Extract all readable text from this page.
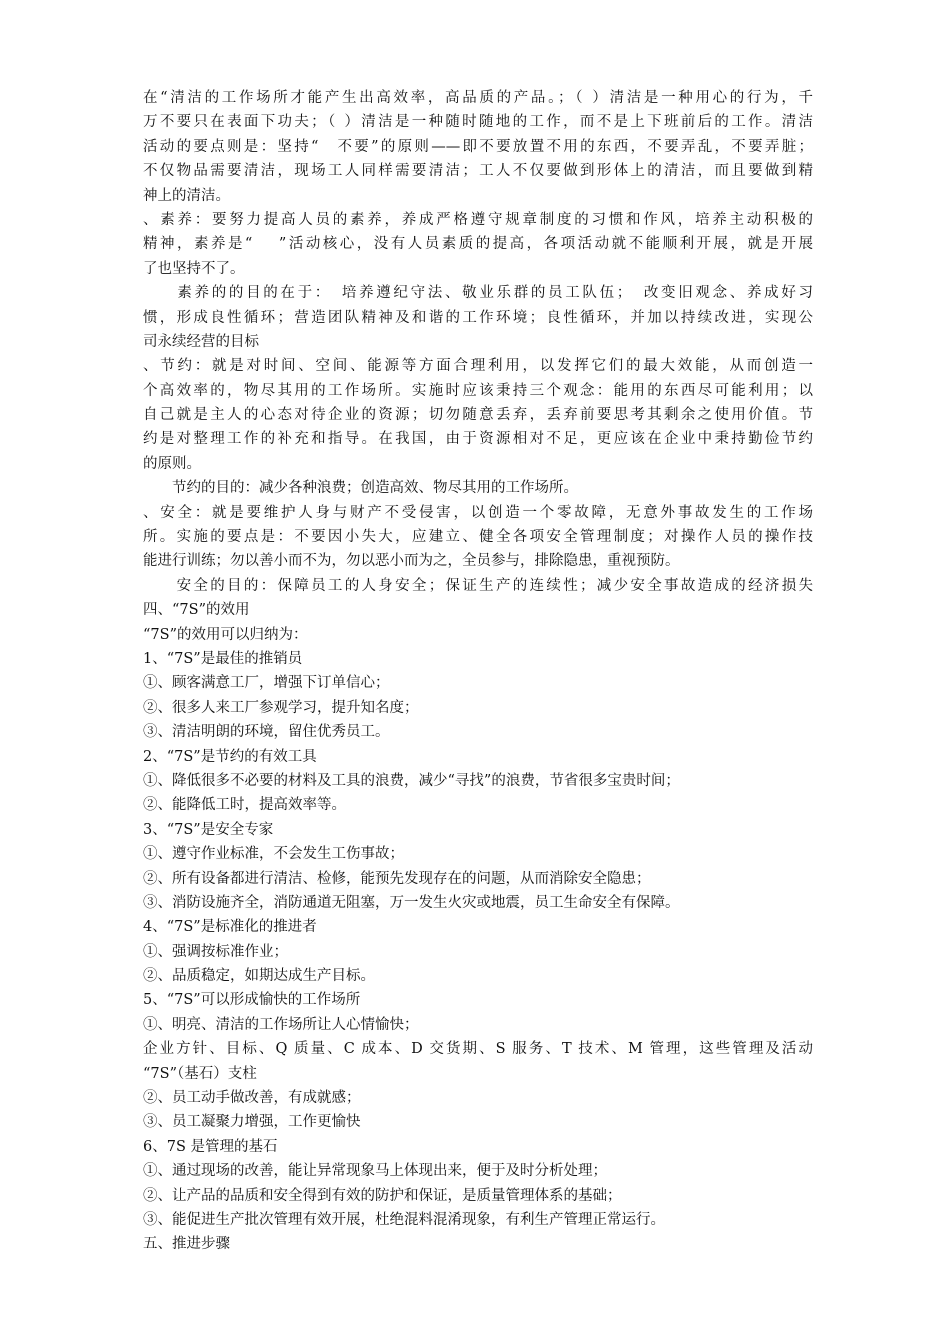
在“清洁的工作场所才能产生出高效率，高品质的产品。；（ ）清洁是一种用心的行为，千

万不要只在表面下功夫；（ ）清洁是一种随时随地的工作，而不是上下班前后的工作。清洁

活动的要点则是：坚持“　不要”的原则——即不要放置不用的东西，不要弄乱，不要弄脏；

不仅物品需要清洁，现场工人同样需要清洁；工人不仅要做到形体上的清洁，而且要做到精

神上的清洁。

、素养：要努力提高人员的素养，养成严格遵守规章制度的习惯和作风，培养主动积极的

精神，素养是“　 ”活动核心，没有人员素质的提高，各项活动就不能顺利开展，就是开展

了也坚持不了。

　　素养的的目的在于：　培养遵纪守法、敬业乐群的员工队伍；　改变旧观念、养成好习

惯，形成良性循环；营造团队精神及和谐的工作环境；良性循环，并加以持续改进，实现公

司永续经营的目标

、节约：就是对时间、空间、能源等方面合理利用，以发挥它们的最大效能，从而创造一

个高效率的，物尽其用的工作场所。实施时应该秉持三个观念：能用的东西尽可能利用；以

自己就是主人的心态对待企业的资源；切勿随意丢弃，丢弃前要思考其剩余之使用价值。节

约是对整理工作的补充和指导。在我国，由于资源相对不足，更应该在企业中秉持勤俭节约

的原则。

　　节约的目的：减少各种浪费；创造高效、物尽其用的工作场所。

、安全：就是要维护人身与财产不受侵害，以创造一个零故障，无意外事故发生的工作场

所。实施的要点是：不要因小失大，应建立、健全各项安全管理制度；对操作人员的操作技

能进行训练；勿以善小而不为，勿以恶小而为之，全员参与，排除隐患，重视预防。

　　安全的目的：保障员工的人身安全；保证生产的连续性；减少安全事故造成的经济损失

四、“7S”的效用

“7S”的效用可以归纳为：

1、“7S”是最佳的推销员

①、顾客满意工厂，增强下订单信心；

②、很多人来工厂参观学习，提升知名度；

③、清洁明朗的环境，留住优秀员工。

2、“7S”是节约的有效工具

①、降低很多不必要的材料及工具的浪费，减少“寻找”的浪费，节省很多宝贵时间；

②、能降低工时，提高效率等。

3、“7S”是安全专家

①、遵守作业标准，不会发生工伤事故；

②、所有设备都进行清洁、检修，能预先发现存在的问题，从而消除安全隐患；

③、消防设施齐全，消防通道无阻塞，万一发生火灾或地震，员工生命安全有保障。

4、“7S”是标准化的推进者

①、强调按标准作业；

②、品质稳定，如期达成生产目标。

5、“7S”可以形成愉快的工作场所

①、明亮、清洁的工作场所让人心情愉快；

企业方针、目标、Q 质量、C 成本、D 交货期、S 服务、T 技术、M 管理，这些管理及活动

“7S”（基石）支柱

②、员工动手做改善，有成就感；

③、员工凝聚力增强，工作更愉快

6、7S 是管理的基石

①、通过现场的改善，能让异常现象马上体现出来，便于及时分析处理；

②、让产品的品质和安全得到有效的防护和保证，是质量管理体系的基础；

③、能促进生产批次管理有效开展，杜绝混料混淆现象，有利生产管理正常运行。

五、推进步骤
